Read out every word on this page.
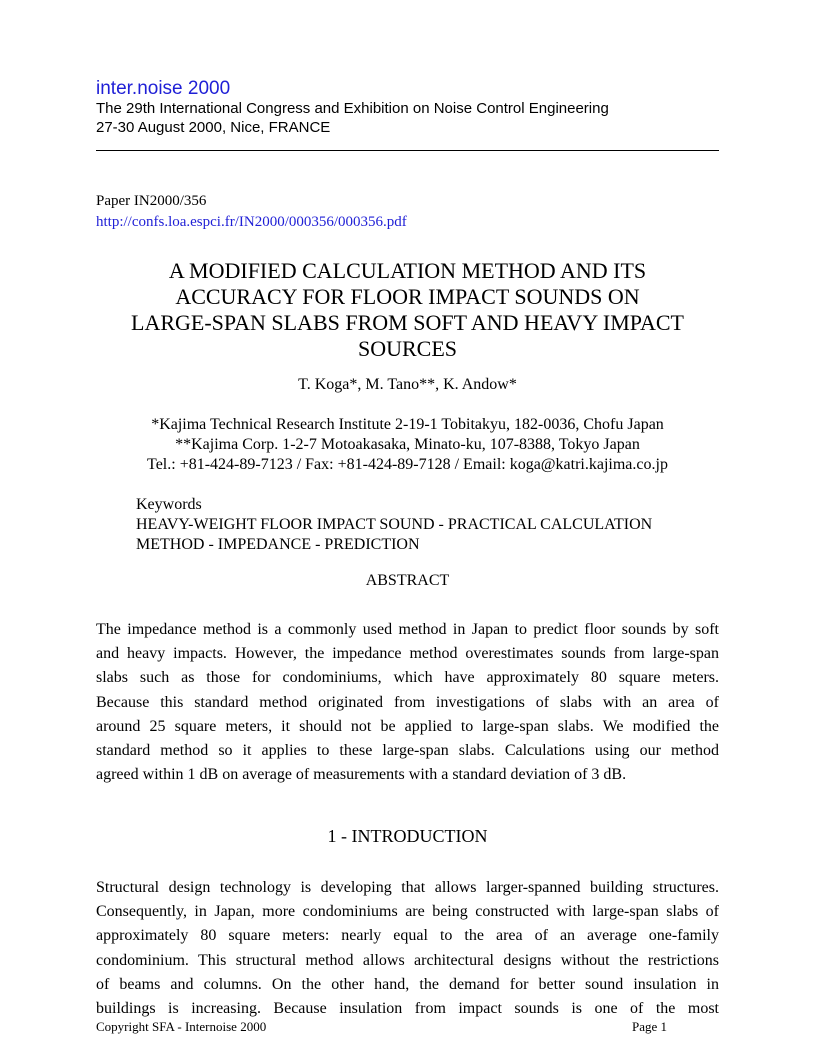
inter.noise 2000
The 29th International Congress and Exhibition on Noise Control Engineering
27-30 August 2000, Nice, FRANCE
Paper IN2000/356
http://confs.loa.espci.fr/IN2000/000356/000356.pdf
A MODIFIED CALCULATION METHOD AND ITS
ACCURACY FOR FLOOR IMPACT SOUNDS ON
LARGE-SPAN SLABS FROM SOFT AND HEAVY IMPACT
SOURCES
T. Koga*, M. Tano**, K. Andow*
*Kajima Technical Research Institute 2-19-1 Tobitakyu, 182-0036, Chofu Japan
**Kajima Corp. 1-2-7 Motoakasaka, Minato-ku, 107-8388, Tokyo Japan
Tel.: +81-424-89-7123 / Fax: +81-424-89-7128 / Email: koga@katri.kajima.co.jp
Keywords
HEAVY-WEIGHT FLOOR IMPACT SOUND - PRACTICAL CALCULATION
METHOD - IMPEDANCE - PREDICTION
ABSTRACT
The impedance method is a commonly used method in Japan to predict floor sounds by soft
and heavy impacts. However, the impedance method overestimates sounds from large-span
slabs such as those for condominiums, which have approximately 80 square meters.
Because this standard method originated from investigations of slabs with an area of
around 25 square meters, it should not be applied to large-span slabs. We modified the
standard method so it applies to these large-span slabs. Calculations using our method
agreed within 1 dB on average of measurements with a standard deviation of 3 dB.
1 - INTRODUCTION
Structural design technology is developing that allows larger-spanned building structures.
Consequently, in Japan, more condominiums are being constructed with large-span slabs of
approximately 80 square meters: nearly equal to the area of an average one-family
condominium. This structural method allows architectural designs without the restrictions
of beams and columns. On the other hand, the demand for better sound insulation in
buildings is increasing. Because insulation from impact sounds is one of the most
Copyright SFA - Internoise 2000	Page 1
